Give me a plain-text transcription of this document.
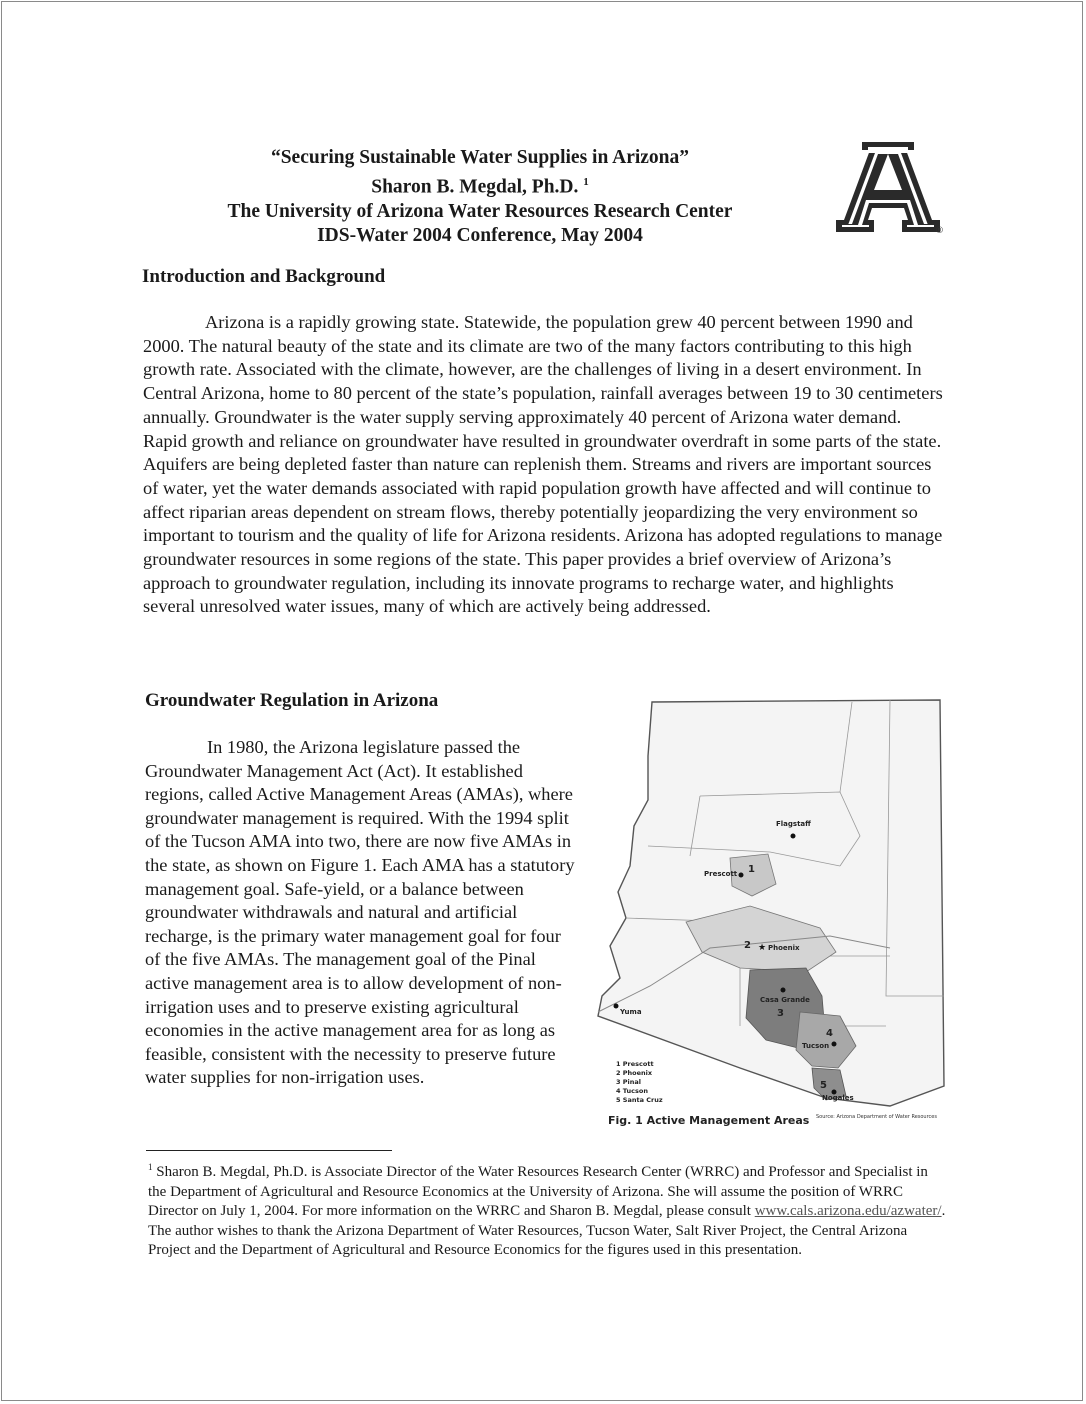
“Securing Sustainable Water Supplies in Arizona”
Sharon B. Megdal, Ph.D. $^1$
The University of Arizona Water Resources Research Center
IDS-Water 2004 Conference, May 2004	®
Introduction and Background

Arizona is a rapidly growing state. Statewide, the population grew 40 percent between 1990 and 2000. The natural beauty of the state and its climate are two of the many factors contributing to this high growth rate. Associated with the climate, however, are the challenges of living in a desert environment. In Central Arizona, home to 80 percent of the state’s population, rainfall averages between 19 to 30 centimeters annually. Groundwater is the water supply serving approximately 40 percent of Arizona water demand. Rapid growth and reliance on groundwater have resulted in groundwater overdraft in some parts of the state. Aquifers are being depleted faster than nature can replenish them. Streams and rivers are important sources of water, yet the water demands associated with rapid population growth have affected and will continue to affect riparian areas dependent on stream flows, thereby potentially jeopardizing the very environment so important to tourism and the quality of life for Arizona residents. Arizona has adopted regulations to manage groundwater resources in some regions of the state. This paper provides a brief overview of Arizona’s approach to groundwater regulation, including its innovate programs to recharge water, and highlights several unresolved water issues, many of which are actively being addressed.

Groundwater Regulation in Arizona

In 1980, the Arizona legislature passed the Groundwater Management Act (Act). It established regions, called Active Management Areas (AMAs), where groundwater management is required. With the 1994 split of the Tucson AMA into two, there are now five AMAs in the state, as shown on Figure 1. Each AMA has a statutory management goal. Safe-yield, or a balance between groundwater withdrawals and natural and artificial recharge, is the primary water management goal for four of the five AMAs. The management goal of the Pinal active management area is to allow development of non-irrigation uses and to preserve existing agricultural economies in the active management area for as long as feasible, consistent with the necessity to preserve future water supplies for non-irrigation uses.

Flagstaff
Prescott 1
2 ★ Phoenix
Casa Grande
3
Yuma
4
Tucson
5
Nogales
1 Prescott
2 Phoenix
3 Pinal
4 Tucson
5 Santa Cruz
Fig. 1 Active Management Areas Source: Arizona Department of Water Resources

$^1$ Sharon B. Megdal, Ph.D. is Associate Director of the Water Resources Research Center (WRRC) and Professor and Specialist in the Department of Agricultural and Resource Economics at the University of Arizona. She will assume the position of WRRC Director on July 1, 2004. For more information on the WRRC and Sharon B. Megdal, please consult www.cals.arizona.edu/azwater/. The author wishes to thank the Arizona Department of Water Resources, Tucson Water, Salt River Project, the Central Arizona Project and the Department of Agricultural and Resource Economics for the figures used in this presentation.
